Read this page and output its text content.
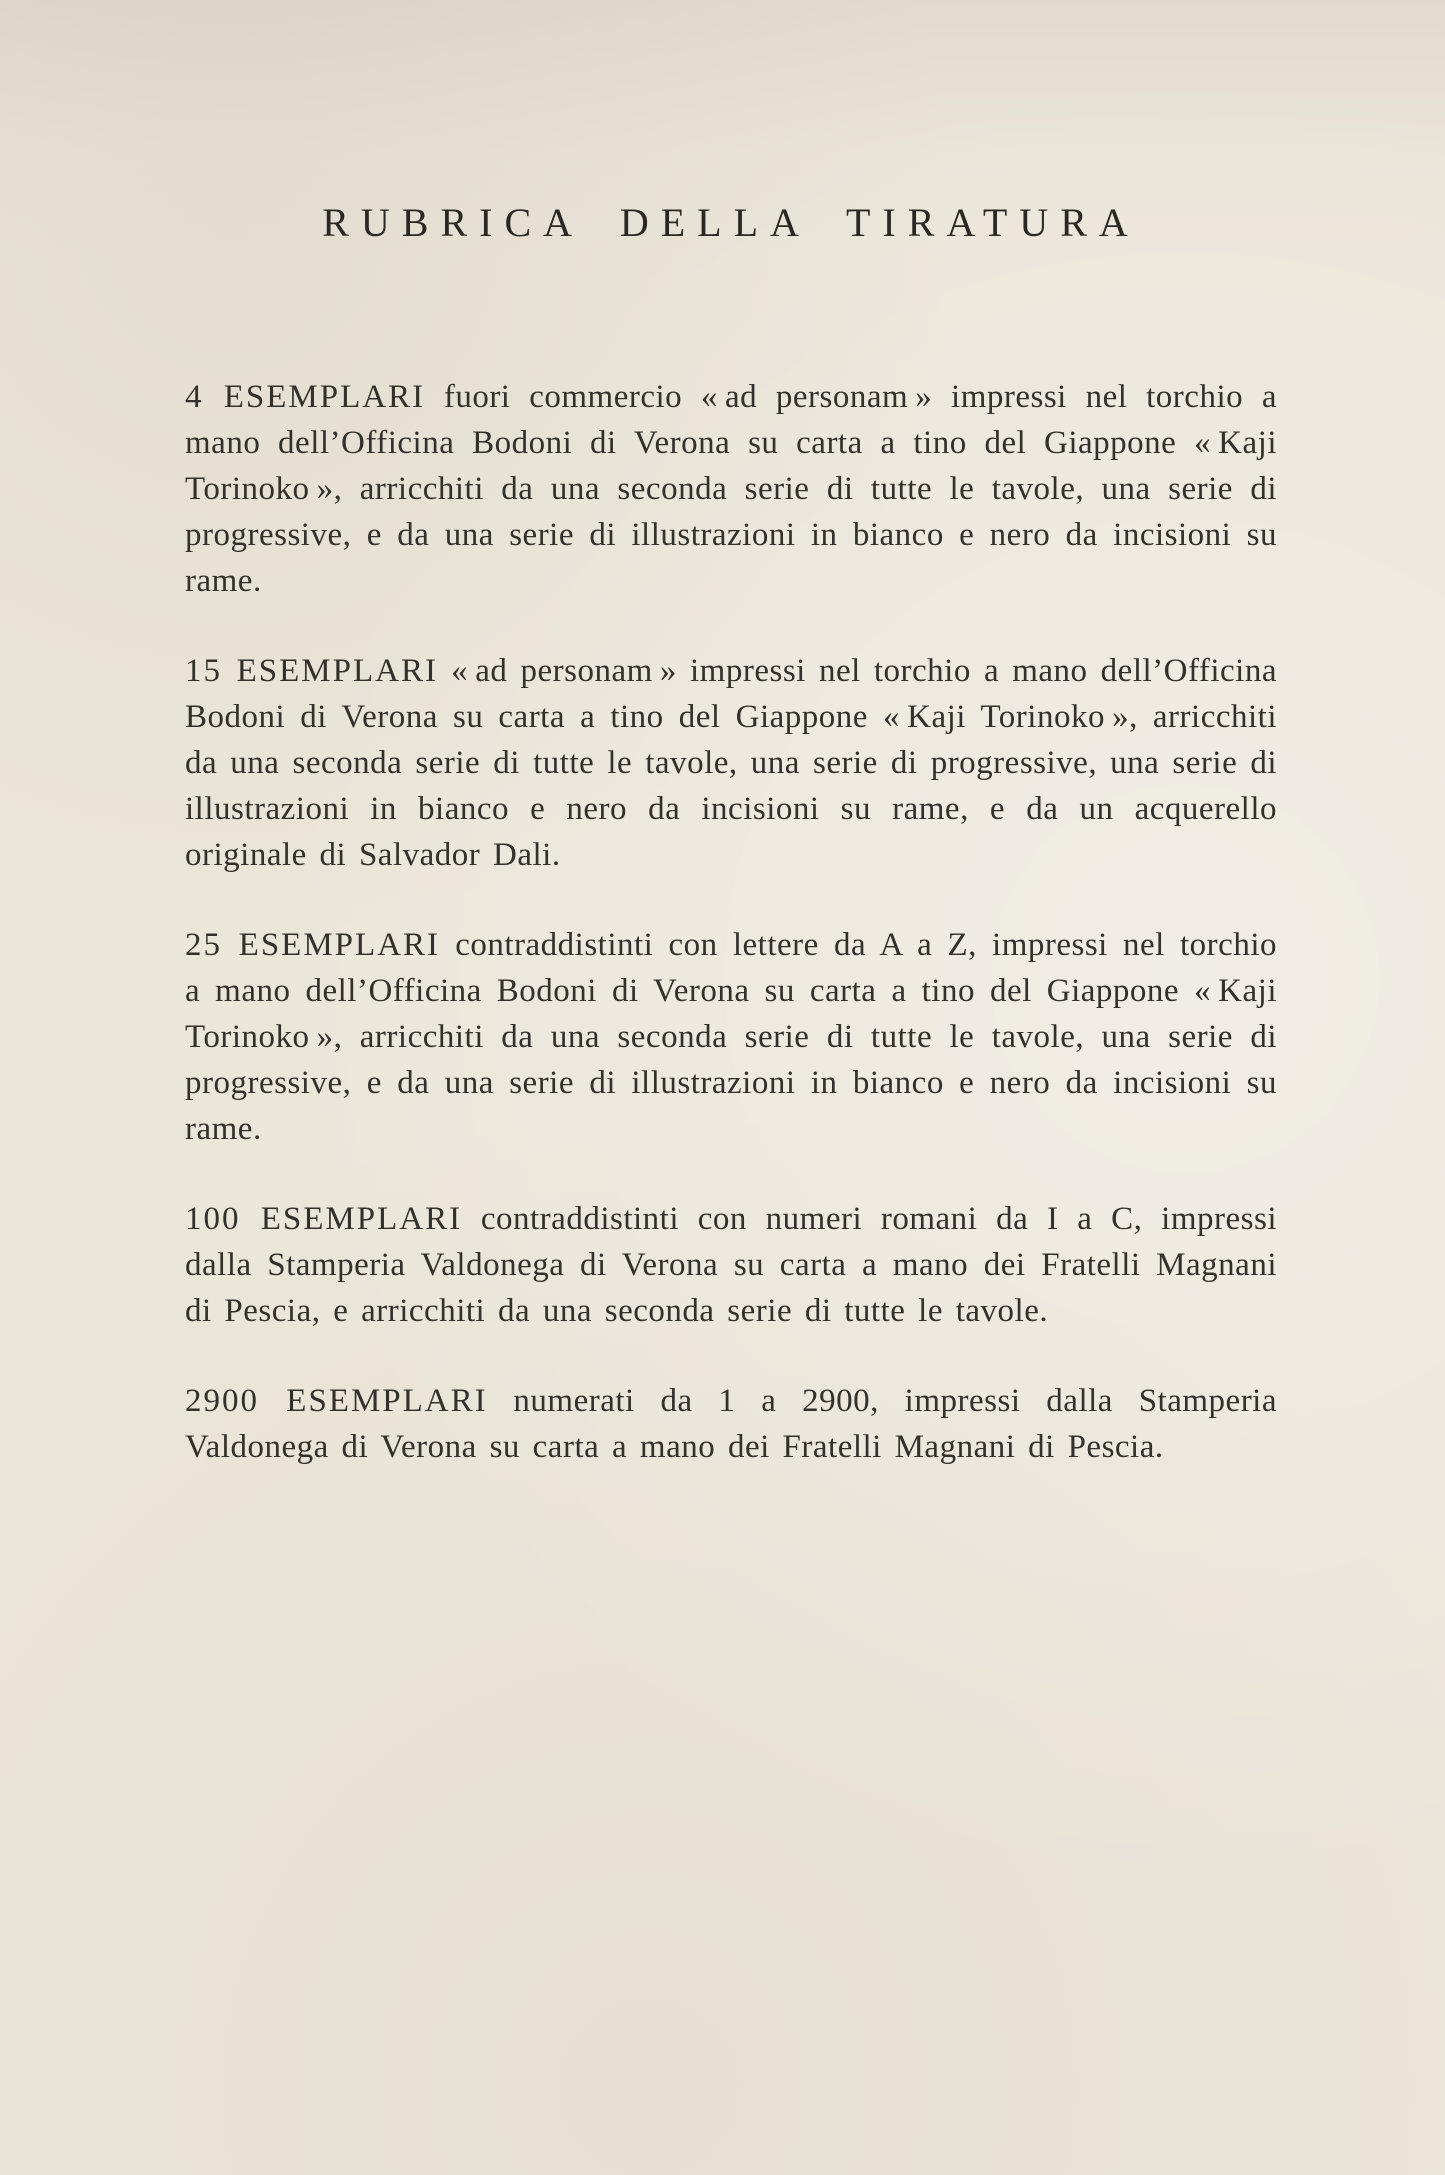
RUBRICA DELLA TIRATURA

4 ESEMPLARI fuori commercio « ad personam » impressi nel torchio a mano dell’Officina Bodoni di Verona su carta a tino del Giappone « Kaji Torinoko », arricchiti da una seconda serie di tutte le tavole, una serie di progressive, e da una serie di illustrazioni in bianco e nero da incisioni su rame.

15 ESEMPLARI « ad personam » impressi nel torchio a mano dell’Officina Bodoni di Verona su carta a tino del Giappone « Kaji Torinoko », arricchiti da una seconda serie di tutte le tavole, una serie di progressive, una serie di illustrazioni in bianco e nero da incisioni su rame, e da un acquerello originale di Salvador Dali.

25 ESEMPLARI contraddistinti con lettere da A a Z, impressi nel torchio a mano dell’Officina Bodoni di Verona su carta a tino del Giappone « Kaji Torinoko », arricchiti da una seconda serie di tutte le tavole, una serie di progressive, e da una serie di illustrazioni in bianco e nero da incisioni su rame.

100 ESEMPLARI contraddistinti con numeri romani da I a C, impressi dalla Stamperia Valdonega di Verona su carta a mano dei Fratelli Magnani di Pescia, e arricchiti da una seconda serie di tutte le tavole.

2900 ESEMPLARI numerati da 1 a 2900, impressi dalla Stamperia Valdonega di Verona su carta a mano dei Fratelli Magnani di Pescia.
